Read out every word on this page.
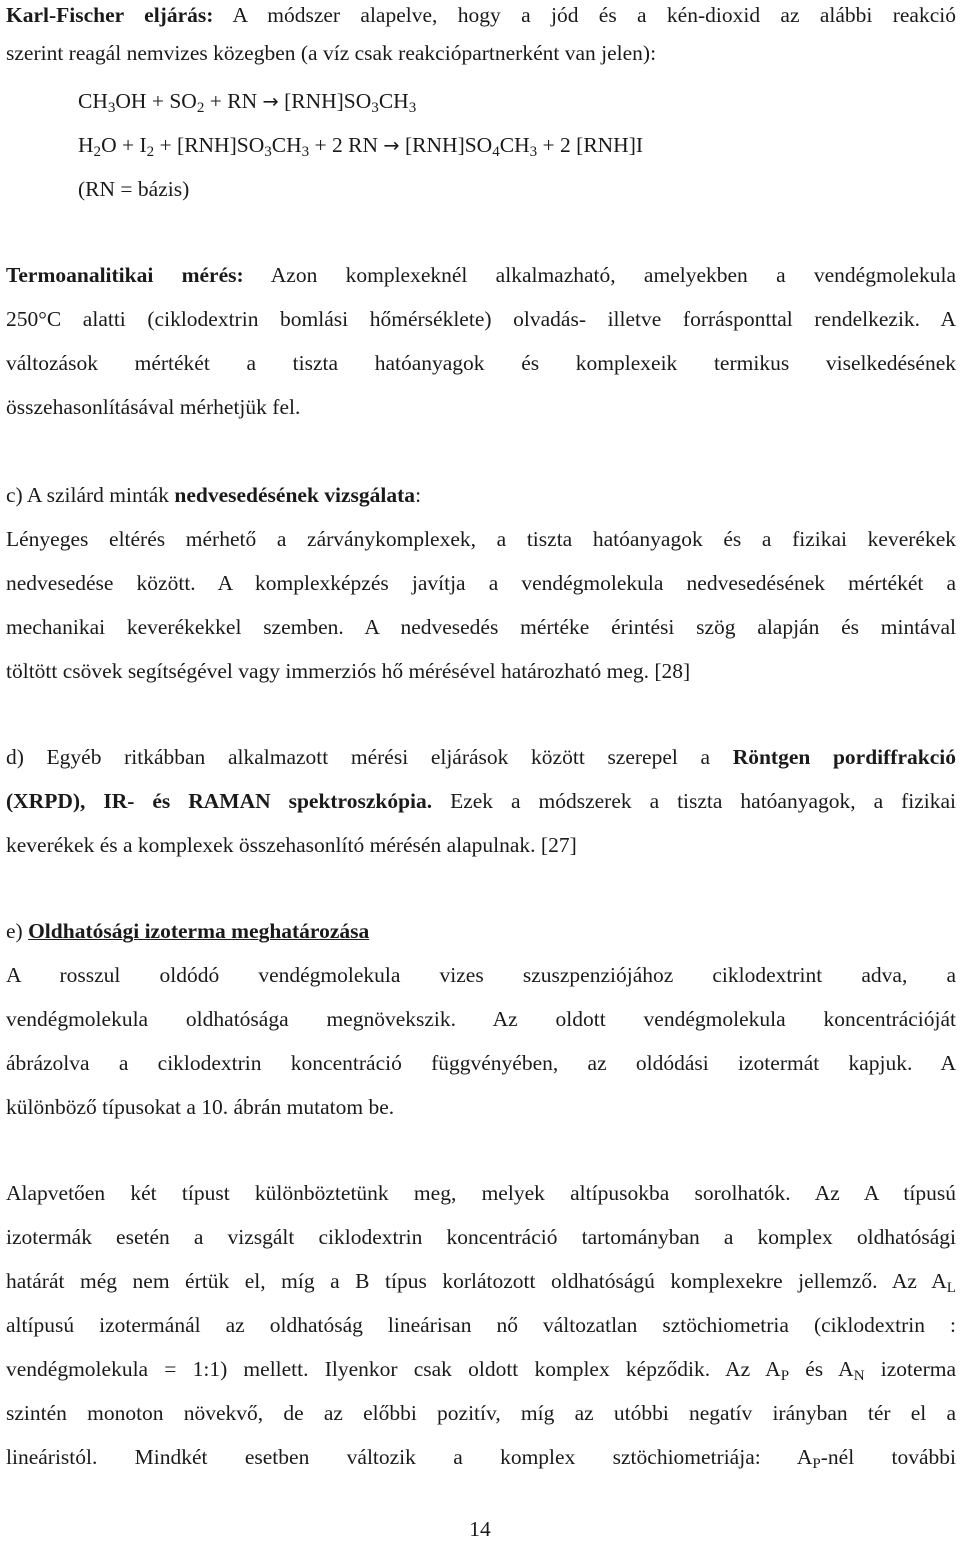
Karl-Fischer eljárás: A módszer alapelve, hogy a jód és a kén-dioxid az alábbi reakció
szerint reagál nemvizes közegben (a víz csak reakciópartnerként van jelen):
$CH_3OH + SO_2$ + RN → $[RNH]SO_3CH_3$
$H_2O + I_2 + [RNH]SO_3CH_3 + 2$ RN → $[RNH]SO_4CH_3 + 2$ [RNH]I
(RN = bázis)
Termoanalitikai mérés: Azon komplexeknél alkalmazható, amelyekben a vendégmolekula
250°C alatti (ciklodextrin bomlási hőmérséklete) olvadás- illetve forrásponttal rendelkezik. A
változások mértékét a tiszta hatóanyagok és komplexeik termikus viselkedésének
összehasonlításával mérhetjük fel.
c) A szilárd minták nedvesedésének vizsgálata:
Lényeges eltérés mérhető a zárványkomplexek, a tiszta hatóanyagok és a fizikai keverékek
nedvesedése között. A komplexképzés javítja a vendégmolekula nedvesedésének mértékét a
mechanikai keverékekkel szemben. A nedvesedés mértéke érintési szög alapján és mintával
töltött csövek segítségével vagy immerziós hő mérésével határozható meg. [28]
d) Egyéb ritkábban alkalmazott mérési eljárások között szerepel a Röntgen pordiffrakció
(XRPD), IR- és RAMAN spektroszkópia. Ezek a módszerek a tiszta hatóanyagok, a fizikai
keverékek és a komplexek összehasonlító mérésén alapulnak. [27]
e) Oldhatósági izoterma meghatározása
A rosszul oldódó vendégmolekula vizes szuszpenziójához ciklodextrint adva, a
vendégmolekula oldhatósága megnövekszik. Az oldott vendégmolekula koncentrációját
ábrázolva a ciklodextrin koncentráció függvényében, az oldódási izotermát kapjuk. A
különböző típusokat a 10. ábrán mutatom be.
Alapvetően két típust különböztetünk meg, melyek altípusokba sorolhatók. Az A típusú
izotermák esetén a vizsgált ciklodextrin koncentráció tartományban a komplex oldhatósági
határát még nem értük el, míg a B típus korlátozott oldhatóságú komplexekre jellemző. Az $A_L$
altípusú izotermánál az oldhatóság lineárisan nő változatlan sztöchiometria (ciklodextrin :
vendégmolekula = 1:1) mellett. Ilyenkor csak oldott komplex képződik. Az $A_P$ és $A_N$ izoterma
szintén monoton növekvő, de az előbbi pozitív, míg az utóbbi negatív irányban tér el a
lineáristól. Mindkét esetben változik a komplex sztöchiometriája: $A_P$-nél további
14
